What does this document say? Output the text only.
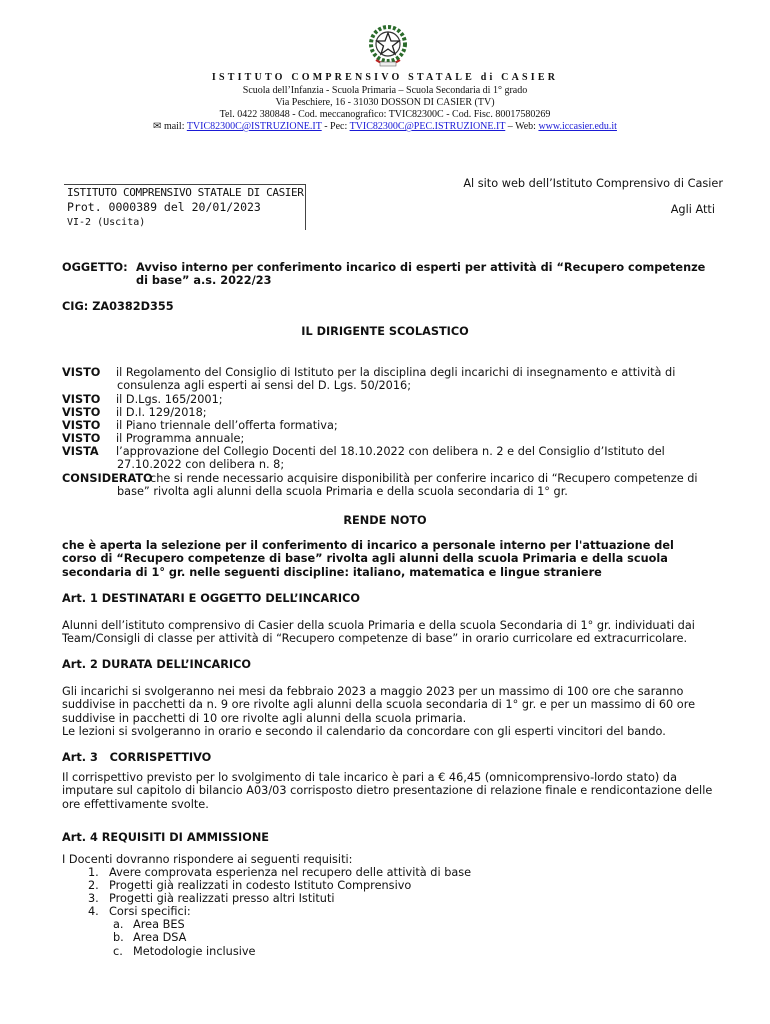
ISTITUTO COMPRENSIVO STATALE di CASIER
Scuola dell’Infanzia - Scuola Primaria – Scuola Secondaria di 1° grado
Via Peschiere, 16 - 31030 DOSSON DI CASIER (TV)
Tel. 0422 380848 - Cod. meccanografico: TVIC82300C - Cod. Fisc. 80017580269
✉ mail: TVIC82300C@ISTRUZIONE.IT - Pec: TVIC82300C@PEC.ISTRUZIONE.IT – Web: www.iccasier.edu.it
ISTITUTO COMPRENSIVO STATALE DI CASIER
Prot. 0000389 del 20/01/2023
VI-2 (Uscita)
Al sito web dell’Istituto Comprensivo di Casier
Agli Atti
OGGETTO: Avviso interno per conferimento incarico di esperti per attività di “Recupero competenze
di base” a.s. 2022/23
CIG: ZA0382D355
IL DIRIGENTE SCOLASTICO
VISTO il Regolamento del Consiglio di Istituto per la disciplina degli incarichi di insegnamento e attività di
consulenza agli esperti ai sensi del D. Lgs. 50/2016;
VISTO il D.Lgs. 165/2001;
VISTO il D.I. 129/2018;
VISTO il Piano triennale dell’offerta formativa;
VISTO il Programma annuale;
VISTA l’approvazione del Collegio Docenti del 18.10.2022 con delibera n. 2 e del Consiglio d’Istituto del
27.10.2022 con delibera n. 8;
CONSIDERATO
che si rende necessario acquisire disponibilità per conferire incarico di “Recupero competenze di
base” rivolta agli alunni della scuola Primaria e della scuola secondaria di 1° gr.
RENDE NOTO
che è aperta la selezione per il conferimento di incarico a personale interno per l'attuazione del
corso di “Recupero competenze di base” rivolta agli alunni della scuola Primaria e della scuola
secondaria di 1° gr. nelle seguenti discipline: italiano, matematica e lingue straniere
Art. 1 DESTINATARI E OGGETTO DELL’INCARICO
Alunni dell’istituto comprensivo di Casier della scuola Primaria e della scuola Secondaria di 1° gr. individuati dai
Team/Consigli di classe per attività di “Recupero competenze di base” in orario curricolare ed extracurricolare.
Art. 2 DURATA DELL’INCARICO
Gli incarichi si svolgeranno nei mesi da febbraio 2023 a maggio 2023 per un massimo di 100 ore che saranno
suddivise in pacchetti da n. 9 ore rivolte agli alunni della scuola secondaria di 1° gr. e per un massimo di 60 ore
suddivise in pacchetti di 10 ore rivolte agli alunni della scuola primaria.
Le lezioni si svolgeranno in orario e secondo il calendario da concordare con gli esperti vincitori del bando.
Art. 3   CORRISPETTIVO
Il corrispettivo previsto per lo svolgimento di tale incarico è pari a € 46,45 (omnicomprensivo-lordo stato) da
imputare sul capitolo di bilancio A03/03 corrisposto dietro presentazione di relazione finale e rendicontazione delle
ore effettivamente svolte.
Art. 4 REQUISITI DI AMMISSIONE
I Docenti dovranno rispondere ai seguenti requisiti:
1. Avere comprovata esperienza nel recupero delle attività di base
2. Progetti già realizzati in codesto Istituto Comprensivo
3. Progetti già realizzati presso altri Istituti
4. Corsi specifici:
a. Area BES
b. Area DSA
c. Metodologie inclusive
